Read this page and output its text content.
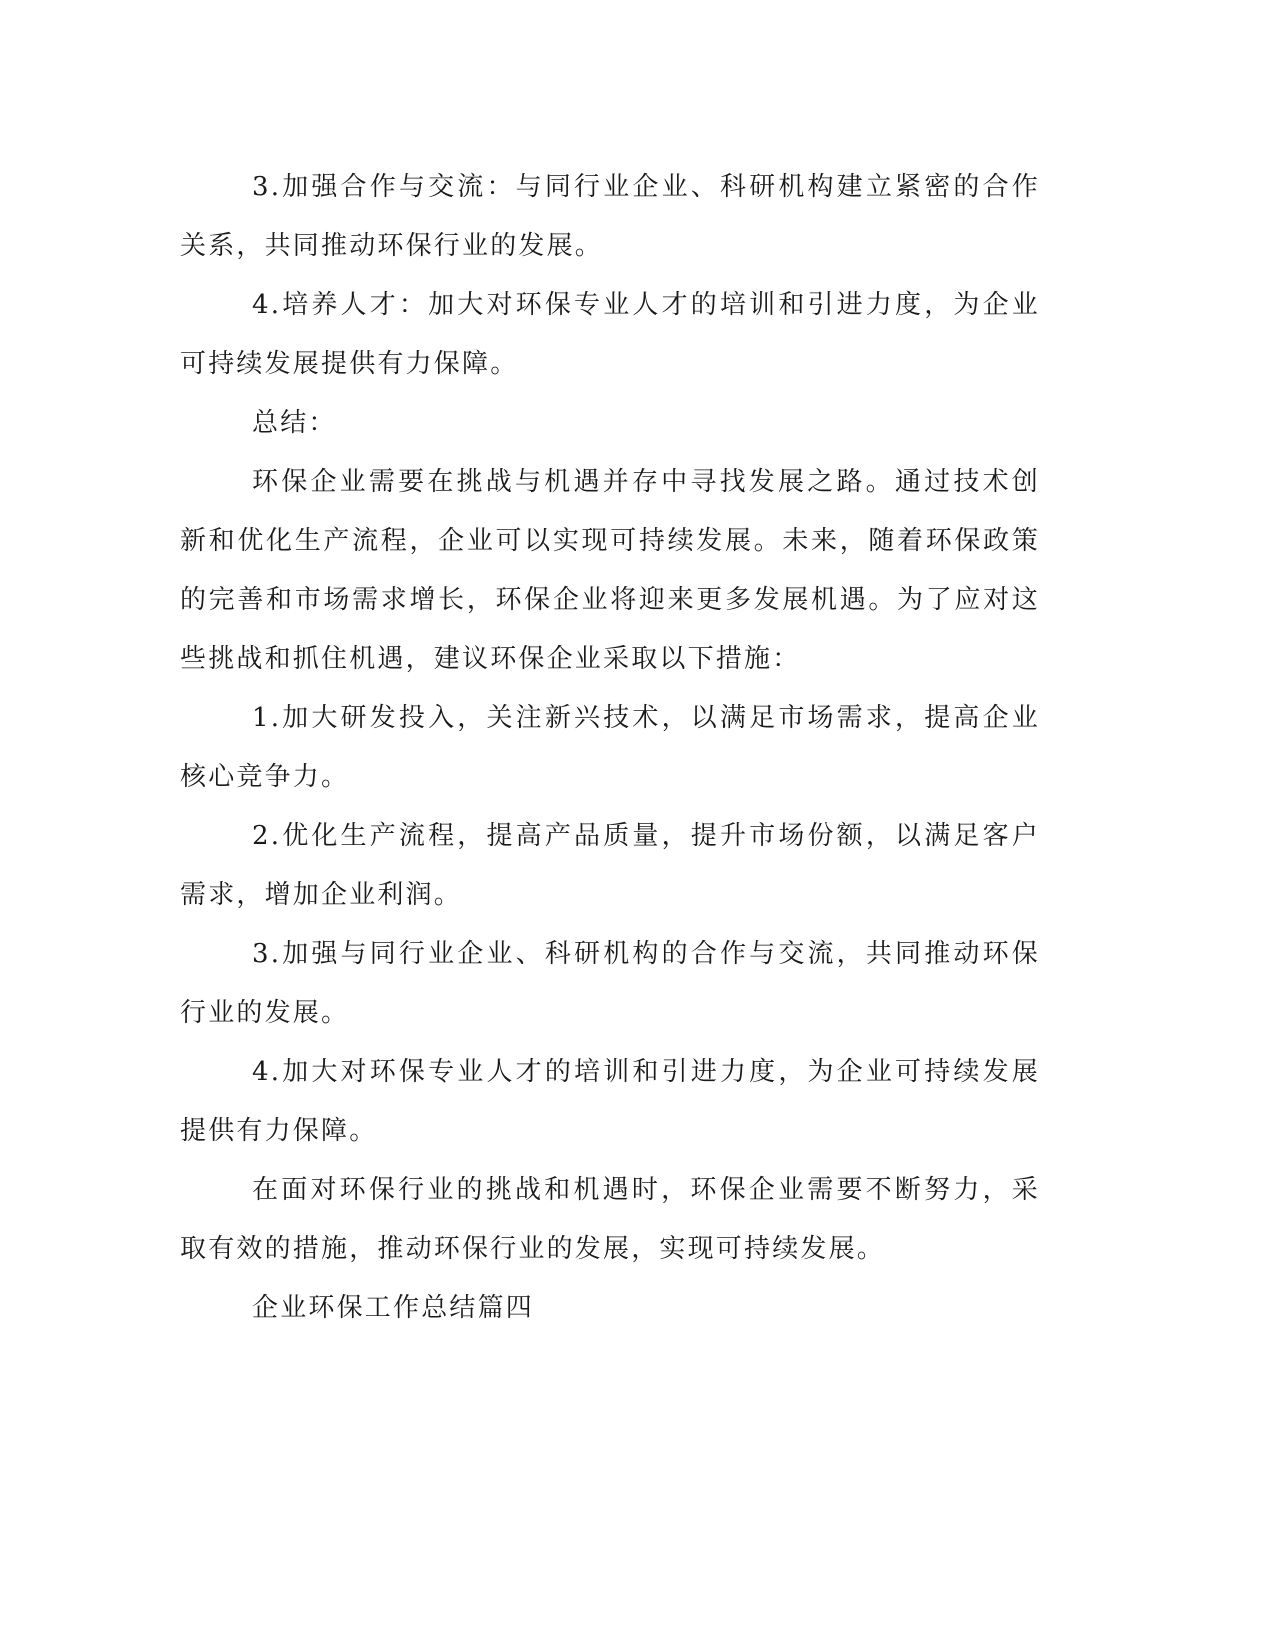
3.加强合作与交流：与同行业企业、科研机构建立紧密的合作关系，共同推动环保行业的发展。

4.培养人才：加大对环保专业人才的培训和引进力度，为企业可持续发展提供有力保障。

总结：

环保企业需要在挑战与机遇并存中寻找发展之路。通过技术创新和优化生产流程，企业可以实现可持续发展。未来，随着环保政策的完善和市场需求增长，环保企业将迎来更多发展机遇。为了应对这些挑战和抓住机遇，建议环保企业采取以下措施：

1.加大研发投入，关注新兴技术，以满足市场需求，提高企业核心竞争力。

2.优化生产流程，提高产品质量，提升市场份额，以满足客户需求，增加企业利润。

3.加强与同行业企业、科研机构的合作与交流，共同推动环保行业的发展。

4.加大对环保专业人才的培训和引进力度，为企业可持续发展提供有力保障。

在面对环保行业的挑战和机遇时，环保企业需要不断努力，采取有效的措施，推动环保行业的发展，实现可持续发展。

企业环保工作总结篇四
